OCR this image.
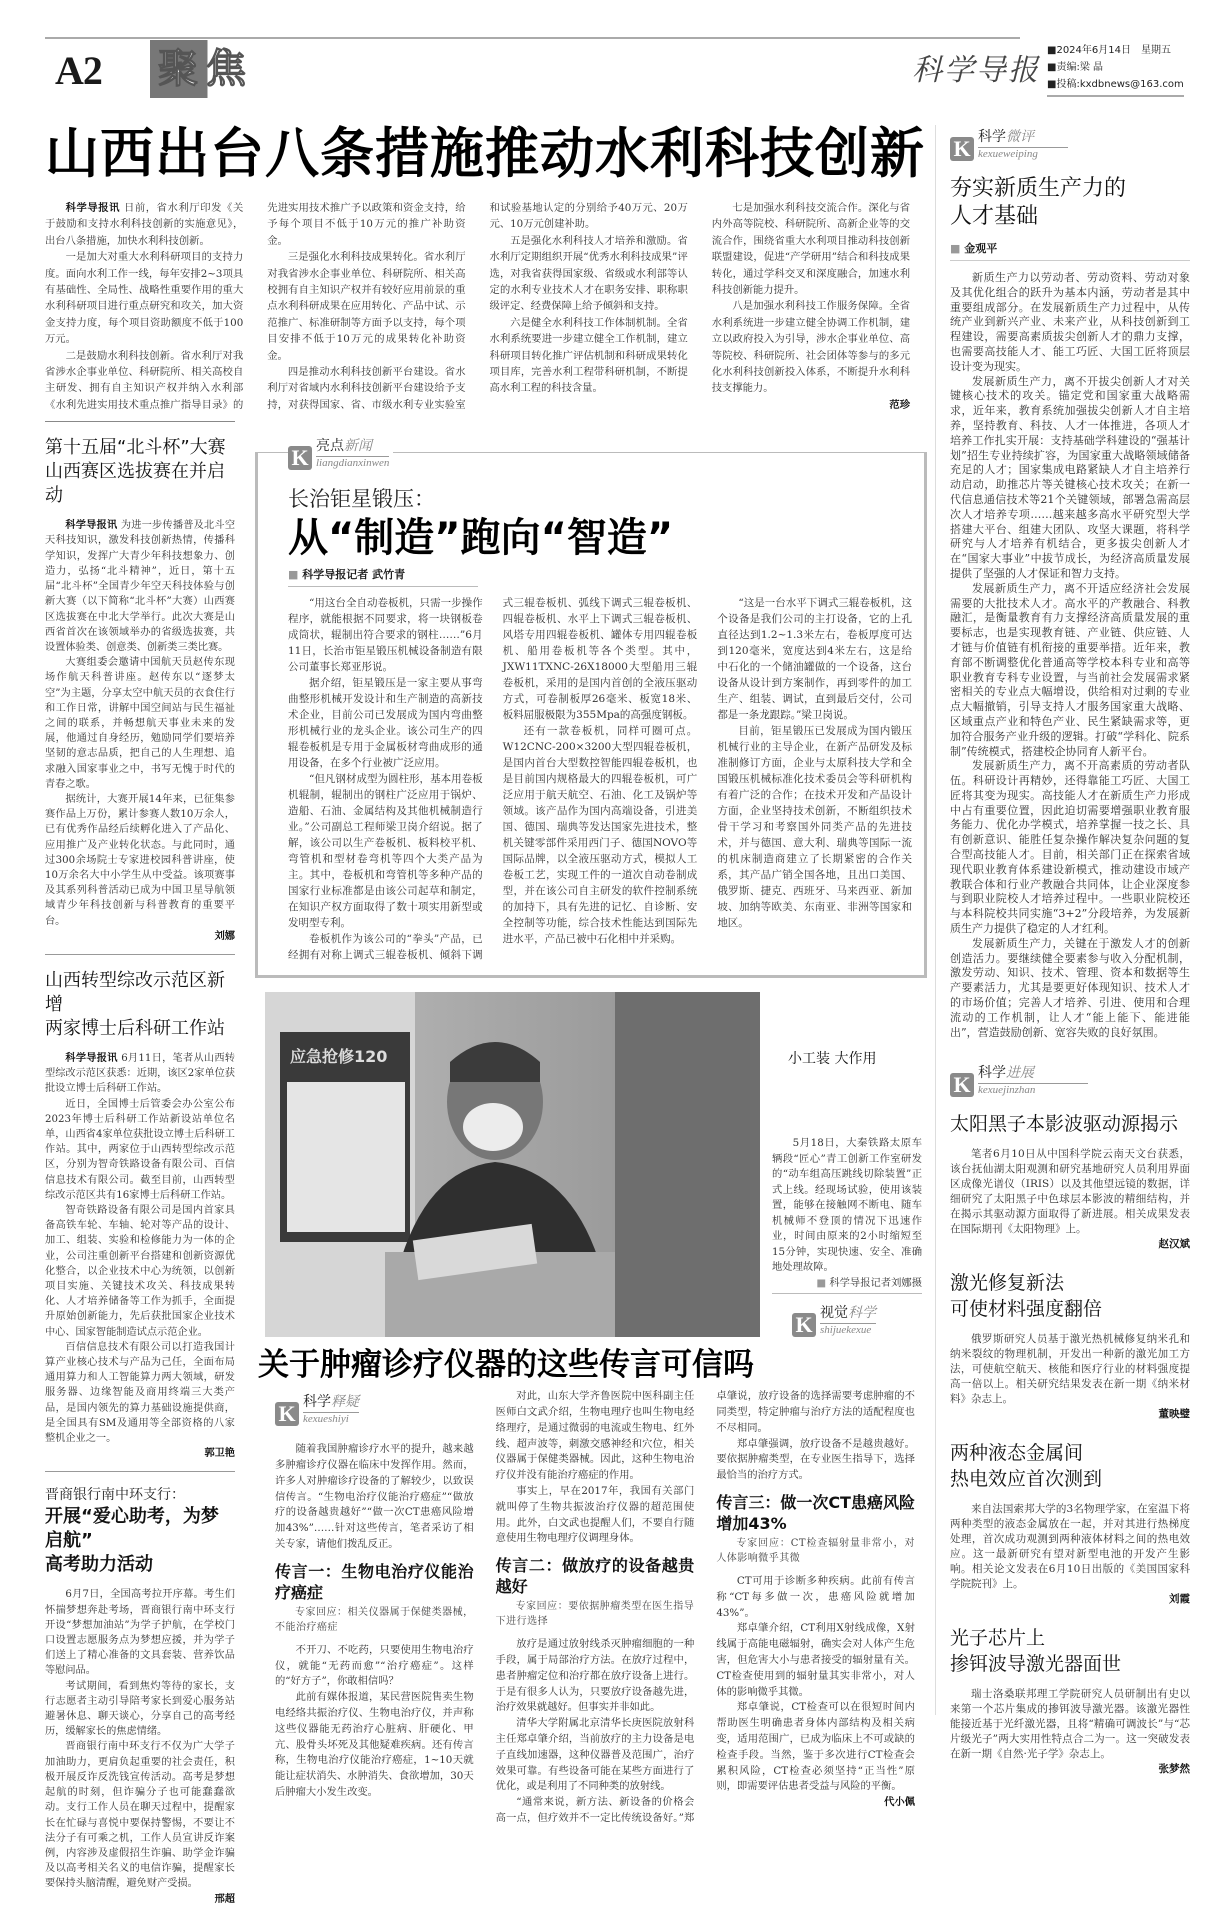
A2 聚焦	科学导报
■2024年6月14日　星期五
■责编:梁 晶
■投稿:kxdbnews@163.com
山西出台八条措施推动水利科技创新

科学导报讯 日前，省水利厅印发《关于鼓励和支持水利科技创新的实施意见》，出台八条措施，加快水利科技创新。

一是加大对重大水利科研项目的支持力度。面向水利工作一线，每年安排2~3项具有基础性、全局性、战略性重要作用的重大水利科研项目进行重点研究和攻关，加大资金支持力度，每个项目资助额度不低于100万元。

二是鼓励水利科技创新。省水利厅对我省涉水企事业单位、科研院所、相关高校自主研发、拥有自主知识产权并纳入水利部《水利先进实用技术重点推广指导目录》的先进实用技术推广予以政策和资金支持，给予每个项目不低于10万元的推广补助资金。

三是强化水利科技成果转化。省水利厅对我省涉水企事业单位、科研院所、相关高校拥有自主知识产权并有较好应用前景的重点水利科研成果在应用转化、产品中试、示范推广、标准研制等方面予以支持，每个项目安排不低于10万元的成果转化补助资金。

四是推动水利科技创新平台建设。省水利厅对省域内水利科技创新平台建设给予支持，对获得国家、省、市级水利专业实验室和试验基地认定的分别给予40万元、20万元、10万元创建补助。

五是强化水利科技人才培养和激励。省水利厅定期组织开展“优秀水利科技成果”评选，对我省获得国家级、省级或水利部等认定的水利专业技术人才在职务安排、职称职级评定、经费保障上给予倾斜和支持。

六是健全水利科技工作体制机制。全省水利系统要进一步建立健全工作机制，建立科研项目转化推广评估机制和科研成果转化项目库，完善水利工程带科研机制，不断提高水利工程的科技含量。

七是加强水利科技交流合作。深化与省内外高等院校、科研院所、高新企业等的交流合作，围绕省重大水利项目推动科技创新联盟建设，促进“产学研用”结合和科技成果转化，通过学科交叉和深度融合，加速水利科技创新能力提升。

八是加强水利科技工作服务保障。全省水利系统进一步建立健全协调工作机制，建立以政府投入为引导，涉水企事业单位、高等院校、科研院所、社会团体等参与的多元化水利科技创新投入体系，不断提升水利科技支撑能力。

范珍
第十五届“北斗杯”大赛
山西赛区选拔赛在并启动

科学导报讯 为进一步传播普及北斗空天科技知识，激发科技创新热情，传播科学知识，发挥广大青少年科技想象力、创造力，弘扬“北斗精神”，近日，第十五届“北斗杯”全国青少年空天科技体验与创新大赛（以下简称“北斗杯”大赛）山西赛区选拔赛在中北大学举行。此次大赛是山西省首次在该领域举办的省级选拔赛，共设置体验类、创意类、创新类三类比赛。

大赛组委会邀请中国航天员赵传东现场作航天科普讲座。赵传东以“逐梦太空”为主题，分享太空中航天员的衣食住行和工作日常，讲解中国空间站与民生福祉之间的联系，并畅想航天事业未来的发展，他通过自身经历，勉励同学们要培养坚韧的意志品质，把自己的人生理想、追求融入国家事业之中，书写无愧于时代的青春之歌。

据统计，大赛开展14年来，已征集参赛作品上万份，累计参赛人数10万余人，已有优秀作品经后续孵化进入了产品化、应用推广及产业转化状态。与此同时，通过300余场院士专家进校园科普讲座，使10万余名大中小学生从中受益。该项赛事及其系列科普活动已成为中国卫星导航领域青少年科技创新与科普教育的重要平台。

刘娜
山西转型综改示范区新增
两家博士后科研工作站

科学导报讯 6月11日，笔者从山西转型综改示范区获悉：近期，该区2家单位获批设立博士后科研工作站。

近日，全国博士后管委会办公室公布2023年博士后科研工作站新设站单位名单，山西省4家单位获批设立博士后科研工作站。其中，两家位于山西转型综改示范区，分别为智奇铁路设备有限公司、百信信息技术有限公司。截至目前，山西转型综改示范区共有16家博士后科研工作站。

智奇铁路设备有限公司是国内首家具备高铁车轮、车轴、轮对等产品的设计、加工、组装、实验和检修能力为一体的企业，公司注重创新平台搭建和创新资源优化整合，以企业技术中心为统领，以创新项目实施、关键技术攻关、科技成果转化、人才培养储备等工作为抓手，全面提升原始创新能力，先后获批国家企业技术中心、国家智能制造试点示范企业。

百信信息技术有限公司以打造我国计算产业核心技术与产品为己任，全面布局通用算力和人工智能算力两大领域，研发服务器、边缘智能及商用终端三大类产品，是国内领先的算力基础设施提供商，是全国具有SM及通用等全部资格的八家整机企业之一。

郭卫艳
晋商银行南中环支行：
开展“爱心助考，为梦启航”
高考助力活动

6月7日，全国高考拉开序幕。考生们怀揣梦想奔赴考场，晋商银行南中环支行开设“梦想加油站”为学子护航，在学校门口设置志愿服务点为梦想应援，并为学子们送上了精心准备的文具套装、营养饮品等慰问品。

考试期间，看到焦灼等待的家长，支行志愿者主动引导陪考家长到爱心服务站避暑休息、聊天谈心，分享自己的高考经历，缓解家长的焦虑情绪。

晋商银行南中环支行不仅为广大学子加油助力，更肩负起重要的社会责任，积极开展反诈反洗钱宣传活动。高考是梦想起航的时刻，但诈骗分子也可能蠢蠢欲动。支行工作人员在聊天过程中，提醒家长在忙碌与喜悦中要保持警惕，不要让不法分子有可乘之机，工作人员宣讲反诈案例，内容涉及虚假招生诈骗、助学金诈骗及以高考相关名义的电信诈骗，提醒家长要保持头脑清醒，避免财产受损。

邢超
K 亮点新闻
liangdianxinwen
长治钜星锻压：
从“制造”跑向“智造”
■ 科学导报记者 武竹青

“用这台全自动卷板机，只需一步操作程序，就能根据不同要求，将一块钢板卷成筒状，辊制出符合要求的钢柱……”6月11日，长治市钜星锻压机械设备制造有限公司董事长郑亚彤说。

据介绍，钜星锻压是一家主要从事弯曲整形机械开发设计和生产制造的高新技术企业，目前公司已发展成为国内弯曲整形机械行业的龙头企业。该公司生产的四辊卷板机是专用于金属板材弯曲成形的通用设备，在多个行业被广泛应用。

“但凡钢材成型为圆柱形，基本用卷板机辊制，辊制出的钢柱广泛应用于锅炉、造船、石油、金属结构及其他机械制造行业。”公司副总工程师梁卫岗介绍说。据了解，该公司以生产卷板机、板料校平机、弯管机和型材卷弯机等四个大类产品为主。其中，卷板机和弯管机等多种产品的国家行业标准都是由该公司起草和制定，在知识产权方面取得了数十项实用新型或发明型专利。

卷板机作为该公司的“拳头”产品，已经拥有对称上调式三辊卷板机、倾斜下调式三辊卷板机、弧线下调式三辊卷板机、四辊卷板机、水平上下调式三辊卷板机、风塔专用四辊卷板机、罐体专用四辊卷板机、船用卷板机等各个类型。其中，JXW11TXNC-26X18000大型船用三辊卷板机，采用的是国内首创的全液压驱动方式，可卷制板厚26毫米、板宽18米、板料屈服极限为355Mpa的高强度钢板。

还有一款卷板机，同样可圈可点。W12CNC-200×3200大型四辊卷板机，是国内首台大型数控智能四辊卷板机，也是目前国内规格最大的四辊卷板机，可广泛应用于航天航空、石油、化工及锅炉等领域。该产品作为国内高端设备，引进美国、德国、瑞典等发达国家先进技术，整机关键零部件采用西门子、德国NOVO等国际品牌，以全液压驱动方式，模拟人工卷板工艺，实现工件的一道次自动卷制成型，并在该公司自主研发的软件控制系统的加持下，具有先进的记忆、自诊断、安全控制等功能，综合技术性能达到国际先进水平，产品已被中石化相中并采购。

“这是一台水平下调式三辊卷板机，这个设备是我们公司的主打设备，它的上孔直径达到1.2~1.3米左右，卷板厚度可达到120毫米，宽度达到4米左右，这是给中石化的一个储油罐做的一个设备，这台设备从设计到方案制作，再到零件的加工生产、组装、调试，直到最后交付，公司都是一条龙跟踪。”梁卫岗说。

目前，钜星锻压已发展成为国内锻压机械行业的主导企业，在新产品研发及标准制修订方面，企业与太原科技大学和全国锻压机械标准化技术委员会等科研机构有着广泛的合作；在技术开发和产品设计方面，企业坚持技术创新，不断组织技术骨干学习和考察国外同类产品的先进技术，并与德国、意大利、瑞典等国际一流的机床制造商建立了长期紧密的合作关系，其产品广销全国各地，且出口美国、俄罗斯、捷克、西班牙、马来西亚、新加坡、加纳等欧美、东南亚、非洲等国家和地区。

应急抢修120	小工装 大作用

5月18日，大秦铁路太原车辆段“匠心”青工创新工作室研发的“动车组高压跳线切除装置”正式上线。经现场试验，使用该装置，能够在接触网不断电、随车机械师不登顶的情况下迅速作业，时间由原来的2小时缩短至15分钟，实现快速、安全、准确地处理故障。

■ 科学导报记者刘娜摄
K 视觉科学
shijuekexue
关于肿瘤诊疗仪器的这些传言可信吗
K 科学释疑
kexueshiyi

随着我国肿瘤诊疗水平的提升，越来越多肿瘤诊疗仪器在临床中发挥作用。然而，许多人对肿瘤诊疗设备的了解较少，以致误信传言。“生物电治疗仪能治疗癌症”“做放疗的设备越贵越好”“做一次CT患癌风险增加43%”……针对这些传言，笔者采访了相关专家，请他们拨乱反正。

传言一：生物电治疗仪能治疗癌症

专家回应：相关仪器属于保健类器械，不能治疗癌症

不开刀、不吃药，只要使用生物电治疗仪，就能“无药而愈”“治疗癌症”。这样的“好方子”，你敢相信吗？

此前有媒体报道，某民营医院售卖生物电经络共振治疗仪、生物电治疗仪，并声称这些仪器能无药治疗心脏病、肝硬化、甲亢、股骨头坏死及其他疑难疾病。还有传言称，生物电治疗仪能治疗癌症，1~10天就能让症状消失、水肿消失、食欲增加，30天后肿瘤大小发生改变。

对此，山东大学齐鲁医院中医科副主任医师白文武介绍，生物电理疗也叫生物电经络理疗，是通过微弱的电流或生物电、红外线、超声波等，刺激交感神经和穴位，相关仪器属于保健类器械。因此，这种生物电治疗仪并没有能治疗癌症的作用。

事实上，早在2017年，我国有关部门就叫停了生物共振波治疗仪器的超范围使用。此外，白文武也提醒人们，不要自行随意使用生物电理疗仪调理身体。

传言二：做放疗的设备越贵越好

专家回应：要依据肿瘤类型在医生指导下进行选择

放疗是通过放射线杀灭肿瘤细胞的一种手段，属于局部治疗方法。在放疗过程中，患者肿瘤定位和治疗都在放疗设备上进行。于是有很多人认为，只要放疗设备越先进，治疗效果就越好。但事实并非如此。

清华大学附属北京清华长庚医院放射科主任郑卓肇介绍，当前放疗的主力设备是电子直线加速器，这种仪器普及范围广，治疗效果可靠。有些设备可能在某些方面进行了优化，或是利用了不同种类的放射线。

“通常来说，新方法、新设备的价格会高一点，但疗效并不一定比传统设备好。”郑卓肇说，放疗设备的选择需要考虑肿瘤的不同类型，特定肿瘤与治疗方法的适配程度也不尽相同。

郑卓肇强调，放疗设备不是越贵越好。要依据肿瘤类型，在专业医生指导下，选择最恰当的治疗方式。

传言三：做一次CT患癌风险增加43%

专家回应：CT检查辐射量非常小，对人体影响微乎其微

CT可用于诊断多种疾病。此前有传言称“CT每多做一次，患癌风险就增加43%”。

郑卓肇介绍，CT利用X射线成像，X射线属于高能电磁辐射，确实会对人体产生危害，但危害大小与患者接受的辐射量有关。CT检查使用到的辐射量其实非常小，对人体的影响微乎其微。

郑卓肇说，CT检查可以在很短时间内帮助医生明确患者身体内部结构及相关病变，适用范围广，已成为临床上不可或缺的检查手段。当然，鉴于多次进行CT检查会累积风险，CT检查必须坚持“正当性”原则，即需要评估患者受益与风险的平衡。

代小佩
K 科学微评
kexueweiping
夯实新质生产力的
人才基础
■ 金观平

新质生产力以劳动者、劳动资料、劳动对象及其优化组合的跃升为基本内涵，劳动者是其中重要组成部分。在发展新质生产力过程中，从传统产业到新兴产业、未来产业，从科技创新到工程建设，需要高素质拔尖创新人才的鼎力支撑，也需要高技能人才、能工巧匠、大国工匠将顶层设计变为现实。

发展新质生产力，离不开拔尖创新人才对关键核心技术的攻关。锚定党和国家重大战略需求，近年来，教育系统加强拔尖创新人才自主培养，坚持教育、科技、人才一体推进，各项人才培养工作扎实开展：支持基础学科建设的“强基计划”招生专业持续扩容，为国家重大战略领域储备充足的人才；国家集成电路紧缺人才自主培养行动启动，助推芯片等关键核心技术攻关；在新一代信息通信技术等21个关键领域，部署急需高层次人才培养专项……越来越多高水平研究型大学搭建大平台、组建大团队、攻坚大课题，将科学研究与人才培养有机结合，更多拔尖创新人才在“国家大事业”中拔节成长，为经济高质量发展提供了坚强的人才保证和智力支持。

发展新质生产力，离不开适应经济社会发展需要的大批技术人才。高水平的产教融合、科教融汇，是衡量教育有力支撑经济高质量发展的重要标志，也是实现教育链、产业链、供应链、人才链与价值链有机衔接的重要举措。近年来，教育部不断调整优化普通高等学校本科专业和高等职业教育专科专业设置，与当前社会发展需求紧密相关的专业点大幅增设，供给相对过剩的专业点大幅撤销，引导支持人才服务国家重大战略、区域重点产业和特色产业、民生紧缺需求等，更加符合服务产业升级的逻辑。打破“学科化、院系制”传统模式，搭建校企协同育人新平台。

发展新质生产力，离不开高素质的劳动者队伍。科研设计再精妙，还得靠能工巧匠、大国工匠将其变为现实。高技能人才在新质生产力形成中占有重要位置，因此迫切需要增强职业教育服务能力、优化办学模式，培养掌握一技之长、具有创新意识、能胜任复杂操作解决复杂问题的复合型高技能人才。目前，相关部门正在探索省域现代职业教育体系建设新模式，推动建设市域产教联合体和行业产教融合共同体，让企业深度参与到职业院校人才培养过程中。一些职业院校还与本科院校共同实施“3+2”分段培养，为发展新质生产力提供了稳定的人才红利。

发展新质生产力，关键在于激发人才的创新创造活力。要继续健全要素参与收入分配机制，激发劳动、知识、技术、管理、资本和数据等生产要素活力，尤其是要更好体现知识、技术人才的市场价值；完善人才培养、引进、使用和合理流动的工作机制，让人才“能上能下、能进能出”，营造鼓励创新、宽容失败的良好氛围。

K 科学进展
kexuejinzhan
太阳黑子本影波驱动源揭示

笔者6月10日从中国科学院云南天文台获悉，该台抚仙湖太阳观测和研究基地研究人员利用界面区成像光谱仪（IRIS）以及其他望远镜的数据，详细研究了太阳黑子中色球层本影波的精细结构，并在揭示其驱动源方面取得了新进展。相关成果发表在国际期刊《太阳物理》上。

赵汉斌
激光修复新法
可使材料强度翻倍

俄罗斯研究人员基于激光热机械修复纳米孔和纳米裂纹的物理机制，开发出一种新的激光加工方法，可使航空航天、核能和医疗行业的材料强度提高一倍以上。相关研究结果发表在新一期《纳米材料》杂志上。

董映璧
两种液态金属间
热电效应首次测到

来自法国索邦大学的3名物理学家，在室温下将两种类型的液态金属放在一起，并对其进行热梯度处理，首次成功观测到两种液体材料之间的热电效应。这一最新研究有望对新型电池的开发产生影响。相关论文发表在6月10日出版的《美国国家科学院院刊》上。

刘霞
光子芯片上
掺铒波导激光器面世

瑞士洛桑联邦理工学院研究人员研制出有史以来第一个芯片集成的掺铒波导激光器。该激光器性能接近基于光纤激光器，且将“精确可调波长”与“芯片级光子”两大实用性特点合二为一。这一突破发表在新一期《自然·光子学》杂志上。

张梦然
